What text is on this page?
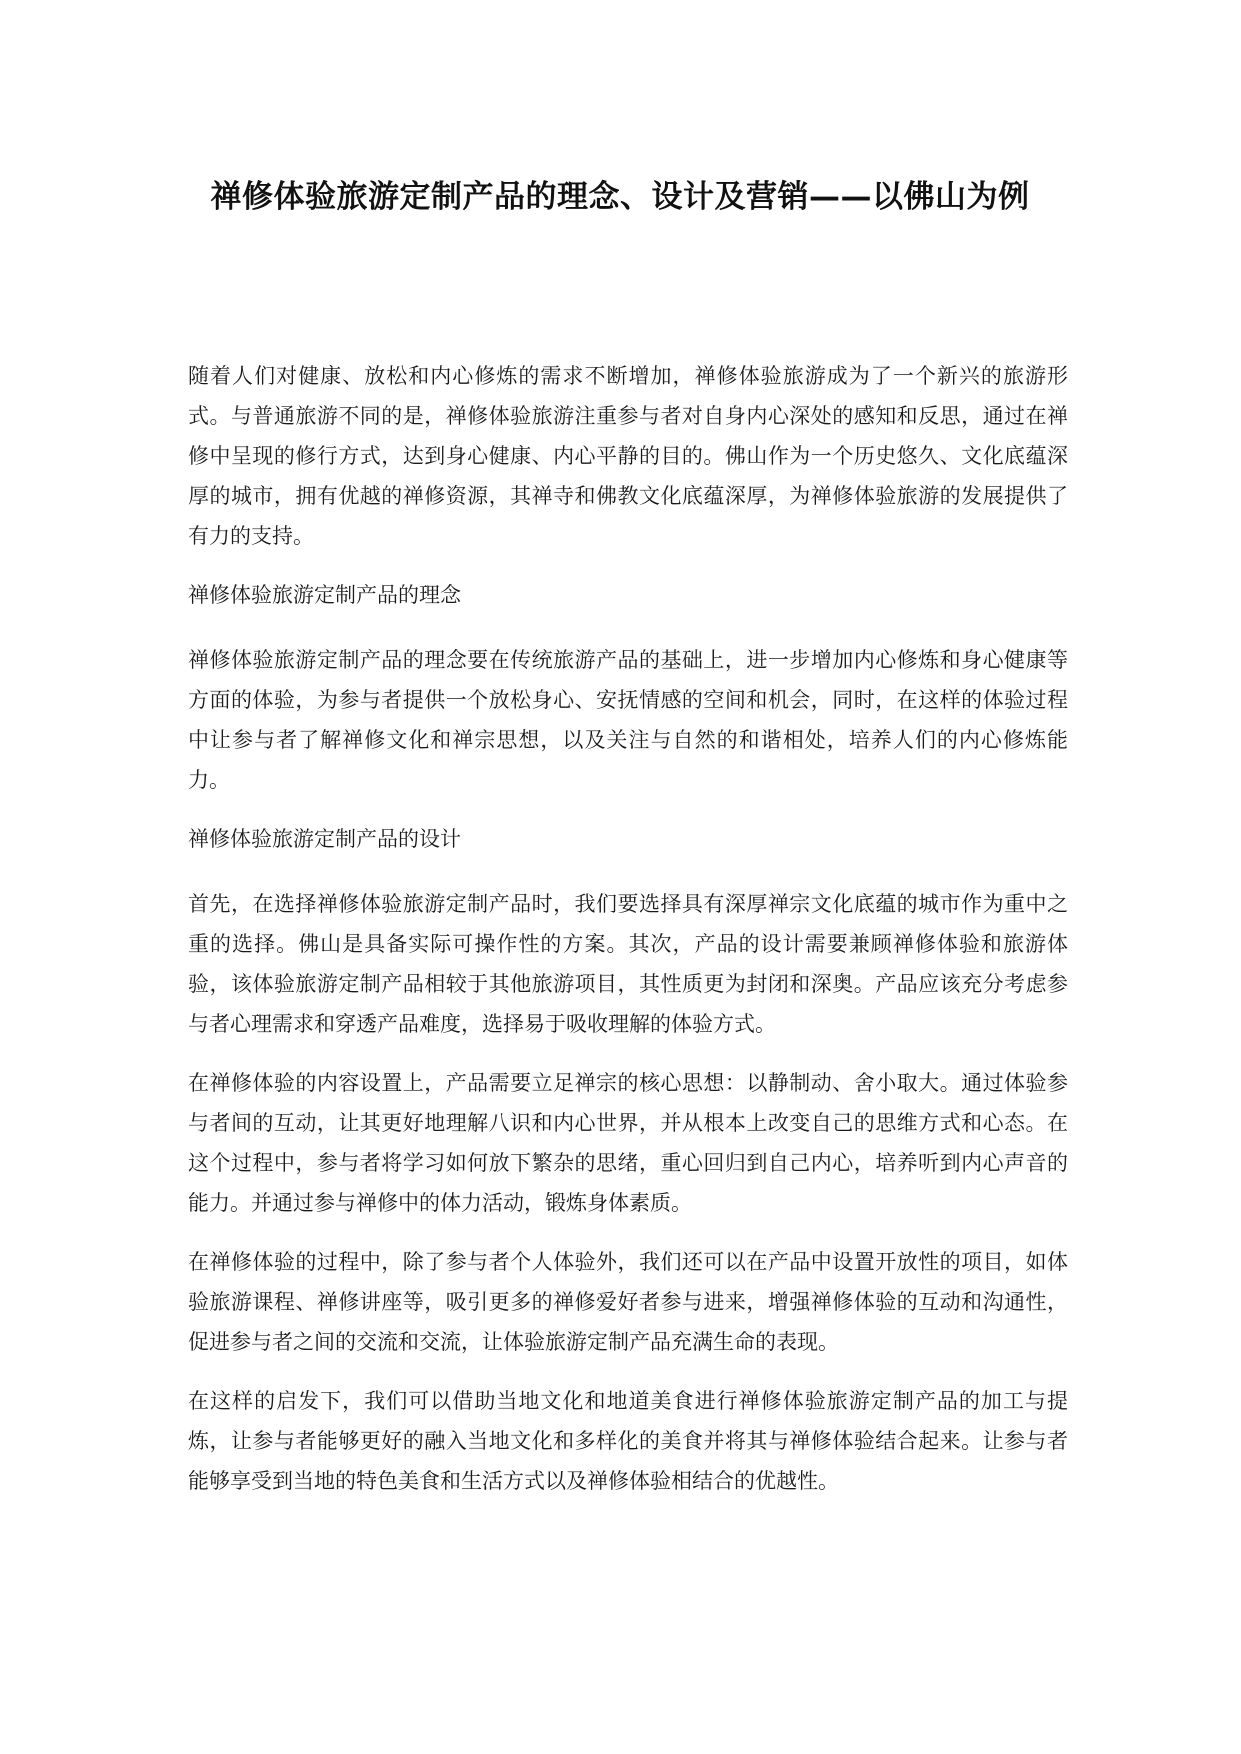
禅修体验旅游定制产品的理念、设计及营销——以佛山为例

随着人们对健康、放松和内心修炼的需求不断增加，禅修体验旅游成为了一个新兴的旅游形式。与普通旅游不同的是，禅修体验旅游注重参与者对自身内心深处的感知和反思，通过在禅修中呈现的修行方式，达到身心健康、内心平静的目的。佛山作为一个历史悠久、文化底蕴深厚的城市，拥有优越的禅修资源，其禅寺和佛教文化底蕴深厚，为禅修体验旅游的发展提供了有力的支持。

禅修体验旅游定制产品的理念

禅修体验旅游定制产品的理念要在传统旅游产品的基础上，进一步增加内心修炼和身心健康等方面的体验，为参与者提供一个放松身心、安抚情感的空间和机会，同时，在这样的体验过程中让参与者了解禅修文化和禅宗思想，以及关注与自然的和谐相处，培养人们的内心修炼能力。

禅修体验旅游定制产品的设计

首先，在选择禅修体验旅游定制产品时，我们要选择具有深厚禅宗文化底蕴的城市作为重中之重的选择。佛山是具备实际可操作性的方案。其次，产品的设计需要兼顾禅修体验和旅游体验，该体验旅游定制产品相较于其他旅游项目，其性质更为封闭和深奥。产品应该充分考虑参与者心理需求和穿透产品难度，选择易于吸收理解的体验方式。

在禅修体验的内容设置上，产品需要立足禅宗的核心思想：以静制动、舍小取大。通过体验参与者间的互动，让其更好地理解八识和内心世界，并从根本上改变自己的思维方式和心态。在这个过程中，参与者将学习如何放下繁杂的思绪，重心回归到自己内心，培养听到内心声音的能力。并通过参与禅修中的体力活动，锻炼身体素质。

在禅修体验的过程中，除了参与者个人体验外，我们还可以在产品中设置开放性的项目，如体验旅游课程、禅修讲座等，吸引更多的禅修爱好者参与进来，增强禅修体验的互动和沟通性，促进参与者之间的交流和交流，让体验旅游定制产品充满生命的表现。

在这样的启发下，我们可以借助当地文化和地道美食进行禅修体验旅游定制产品的加工与提炼，让参与者能够更好的融入当地文化和多样化的美食并将其与禅修体验结合起来。让参与者能够享受到当地的特色美食和生活方式以及禅修体验相结合的优越性。
